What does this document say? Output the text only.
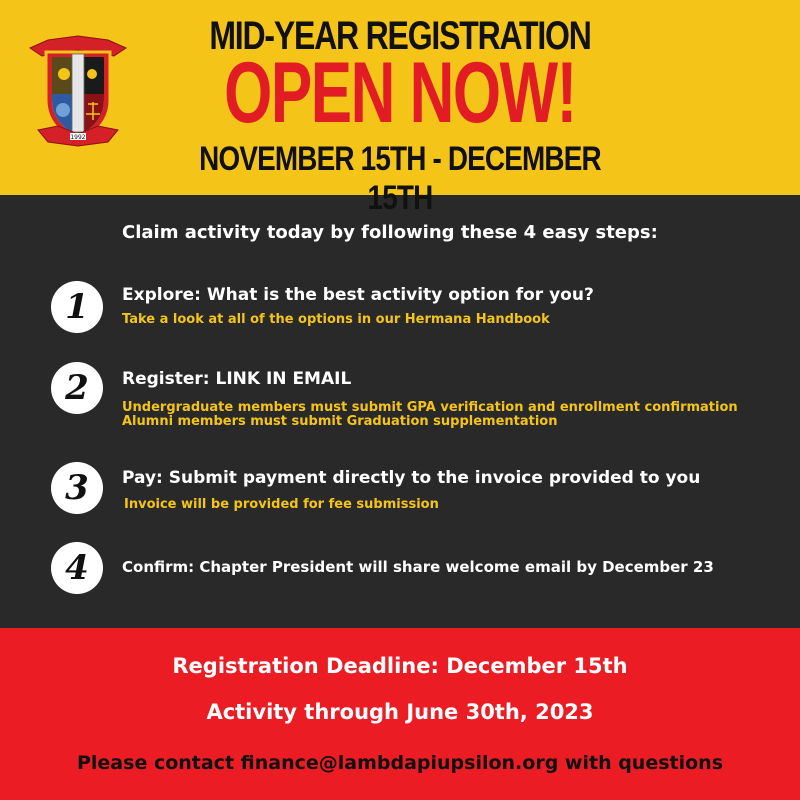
1992
MID-YEAR REGISTRATION
OPEN NOW!
NOVEMBER 15TH - DECEMBER 15TH
Claim activity today by following these 4 easy steps:
1	Explore: What is the best activity option for you?
Take a look at all of the options in our Hermana Handbook
2	Register: LINK IN EMAIL
Undergraduate members must submit GPA verification and enrollment confirmation
Alumni members must submit Graduation supplementation
3	Pay: Submit payment directly to the invoice provided to you
Invoice will be provided for fee submission
4	Confirm: Chapter President will share welcome email by December 23
Registration Deadline: December 15th
Activity through June 30th, 2023
Please contact finance@lambdapiupsilon.org with questions
